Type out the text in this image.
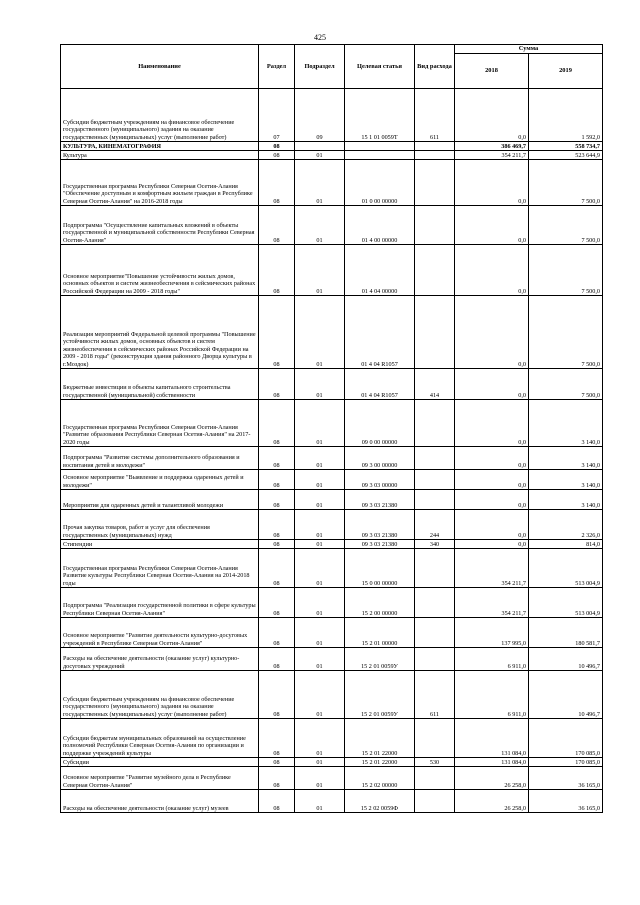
425
Наименование	Раздел	Подраздел	Целевая статья	Вид расхода	Сумма	
					2018	2019
Субсидии бюджетным учреждениям на финансовое обеспечение государственного (муниципального) задания на оказание государственных (муниципальных) услуг (выполнение работ)	07	09	15 1 01 0059Т	611	0,0	1 592,0
КУЛЬТУРА, КИНЕМАТОГРАФИЯ	08				386 469,7	558 734,7
Культура	08	01			354 211,7	523 644,9
Государственная программа Республики Северная Осетия-Алания "Обеспечение доступным и комфортным жильем граждан в Республике Северная Осетия-Алания" на 2016-2018 годы	08	01	01 0 00 00000		0,0	7 500,0
Подпрограмма "Осуществление капитальных вложений в объекты государственной и муниципальной собственности Республики Северная Осетия-Алания"	08	01	01 4 00 00000		0,0	7 500,0
Основное мероприятие"Повышение устойчивости жилых домов, основных объектов и систем жизнеобеспечения в сейсмических районах Российской Федерации на 2009 - 2018 годы"	08	01	01 4 04 00000		0,0	7 500,0
Реализация мероприятий Федеральной целевой программы "Повышение устойчивости жилых домов, основных объектов и систем жизнеобеспечения в сейсмических районах Российской Федерации на 2009 - 2018 годы" (реконструкция здания районного Дворца культуры в г.Моздок)	08	01	01 4 04 R1057		0,0	7 500,0
Бюджетные инвестиции в объекты капитального строительства государственной (муниципальной) собственности	08	01	01 4 04 R1057	414	0,0	7 500,0
Государственная программа Республики Северная Осетия-Алания "Развитие образования Республики Северная Осетия-Алания" на 2017-2020 годы	08	01	09 0 00 00000		0,0	3 140,0
Подпрограмма "Развитие системы дополнительного образования и воспитания детей и молодежи"	08	01	09 3 00 00000		0,0	3 140,0
Основное мероприятие "Выявление и поддержка одаренных детей и молодежи"	08	01	09 3 03 00000		0,0	3 140,0
Мероприятия для одаренных детей и талантливой молодежи	08	01	09 3 03 21380		0,0	3 140,0
Прочая закупка товаров, работ и услуг для обеспечения государственных (муниципальных) нужд	08	01	09 3 03 21380	244	0,0	2 326,0
Стипендии	08	01	09 3 03 21380	340	0,0	814,0
Государственная программа Республики Северная Осетия-Алания Развитие культуры Республики Северная Осетия-Алания на 2014-2018 годы	08	01	15 0 00 00000		354 211,7	513 004,9
Подпрограмма "Реализация государственной политики в сфере культуры Республики Северная Осетия-Алания"	08	01	15 2 00 00000		354 211,7	513 004,9
Основное мероприятие "Развитие деятельности культурно-досуговых учреждений в Республике Северная Осетия-Алания"	08	01	15 2 01 00000		137 995,0	180 581,7
Расходы на обеспечение деятельности (оказание услуг) культурно-досуговых учреждений	08	01	15 2 01 0059У		6 911,0	10 496,7
Субсидии бюджетным учреждениям на финансовое обеспечение государственного (муниципального) задания на оказание государственных (муниципальных) услуг (выполнение работ)	08	01	15 2 01 0059У	611	6 911,0	10 496,7
Субсидии бюджетам муниципальных образований на осуществление полномочий Республики Северная Осетия-Алания по организации и поддержке учреждений культуры	08	01	15 2 01 22000		131 084,0	170 085,0
Субсидии	08	01	15 2 01 22000	530	131 084,0	170 085,0
Основное мероприятие "Развитие музейного дела в Республике Северная Осетия-Алания"	08	01	15 2 02 00000		26 258,0	36 165,0
Расходы на обеспечение деятельности (оказание услуг) музеев	08	01	15 2 02 0059Ф		26 258,0	36 165,0
